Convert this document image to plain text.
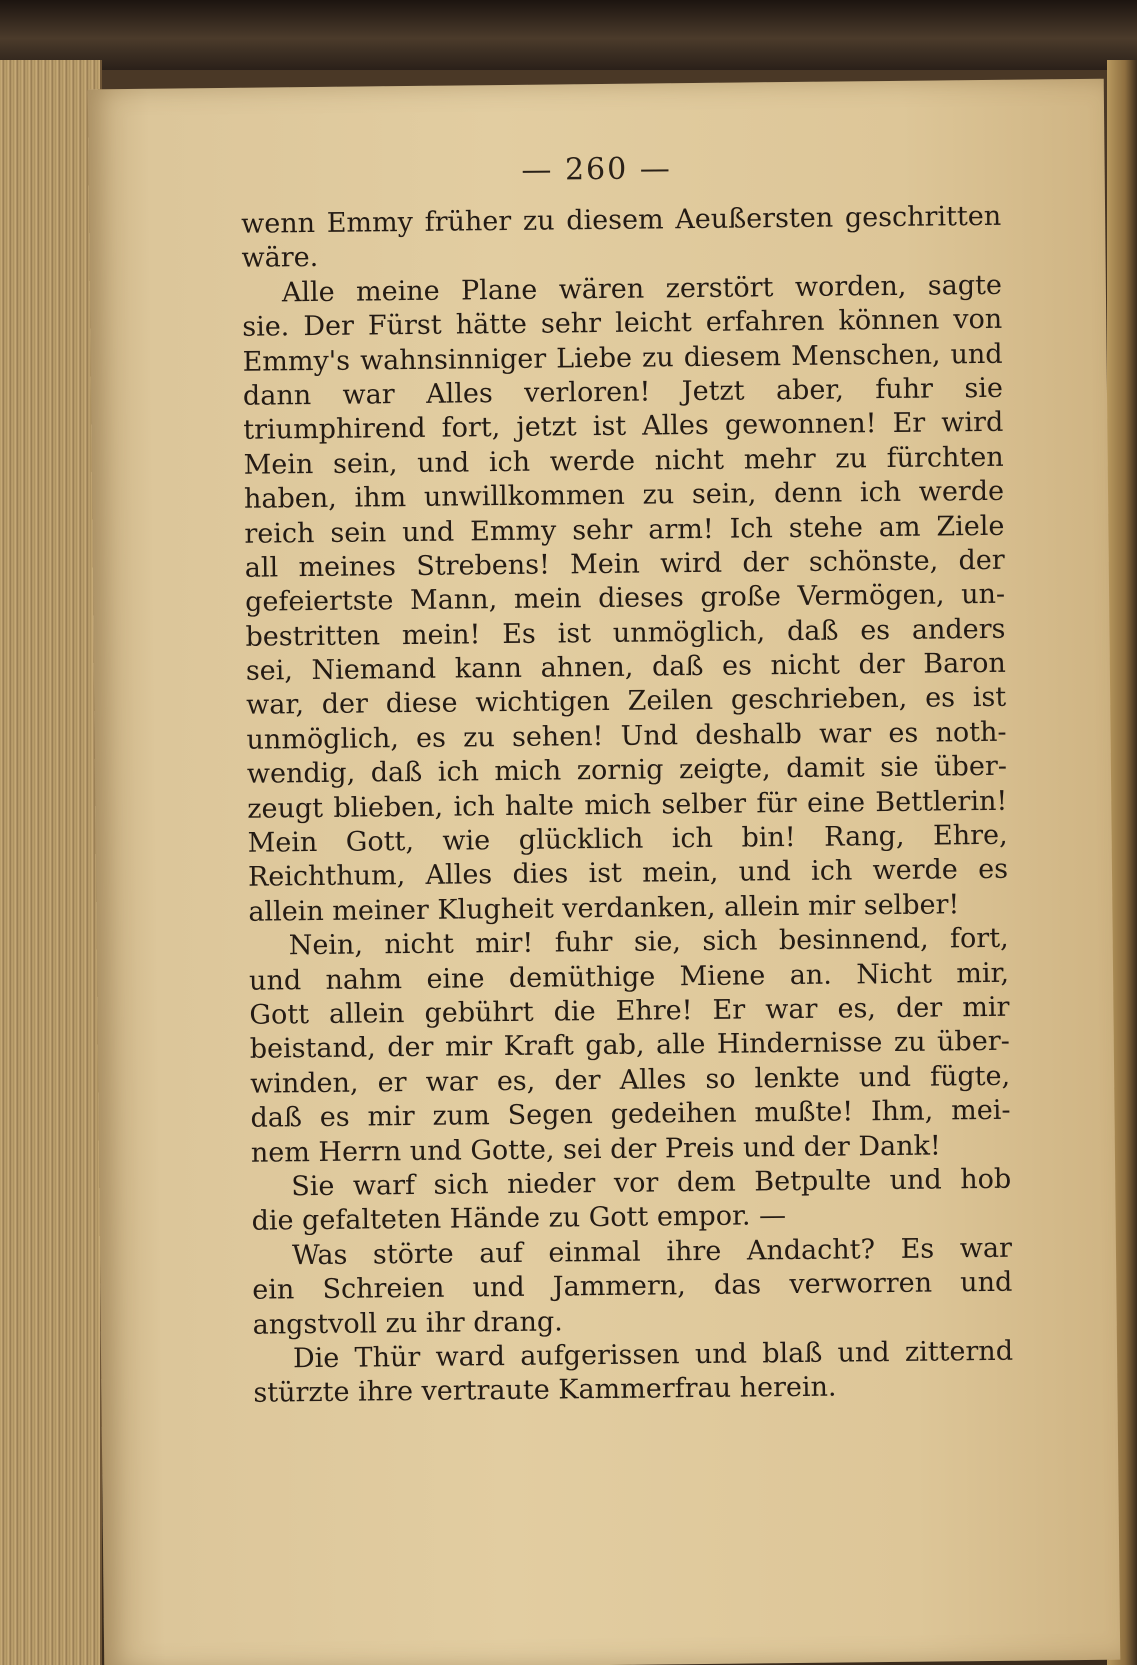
— 260 —
wenn Emmy früher zu diesem Aeußersten geschritten
wäre.
Alle meine Plane wären zerstört worden, sagte
sie. Der Fürst hätte sehr leicht erfahren können von
Emmy's wahnsinniger Liebe zu diesem Menschen, und
dann war Alles verloren! Jetzt aber, fuhr sie
triumphirend fort, jetzt ist Alles gewonnen! Er wird
Mein sein, und ich werde nicht mehr zu fürchten
haben, ihm unwillkommen zu sein, denn ich werde
reich sein und Emmy sehr arm! Ich stehe am Ziele
all meines Strebens! Mein wird der schönste, der
gefeiertste Mann, mein dieses große Vermögen, un-
bestritten mein! Es ist unmöglich, daß es anders
sei, Niemand kann ahnen, daß es nicht der Baron
war, der diese wichtigen Zeilen geschrieben, es ist
unmöglich, es zu sehen! Und deshalb war es noth-
wendig, daß ich mich zornig zeigte, damit sie über-
zeugt blieben, ich halte mich selber für eine Bettlerin!
Mein Gott, wie glücklich ich bin! Rang, Ehre,
Reichthum, Alles dies ist mein, und ich werde es
allein meiner Klugheit verdanken, allein mir selber!
Nein, nicht mir! fuhr sie, sich besinnend, fort,
und nahm eine demüthige Miene an. Nicht mir,
Gott allein gebührt die Ehre! Er war es, der mir
beistand, der mir Kraft gab, alle Hindernisse zu über-
winden, er war es, der Alles so lenkte und fügte,
daß es mir zum Segen gedeihen mußte! Ihm, mei-
nem Herrn und Gotte, sei der Preis und der Dank!
Sie warf sich nieder vor dem Betpulte und hob
die gefalteten Hände zu Gott empor. —
Was störte auf einmal ihre Andacht? Es war
ein Schreien und Jammern, das verworren und
angstvoll zu ihr drang.
Die Thür ward aufgerissen und blaß und zitternd
stürzte ihre vertraute Kammerfrau herein.
